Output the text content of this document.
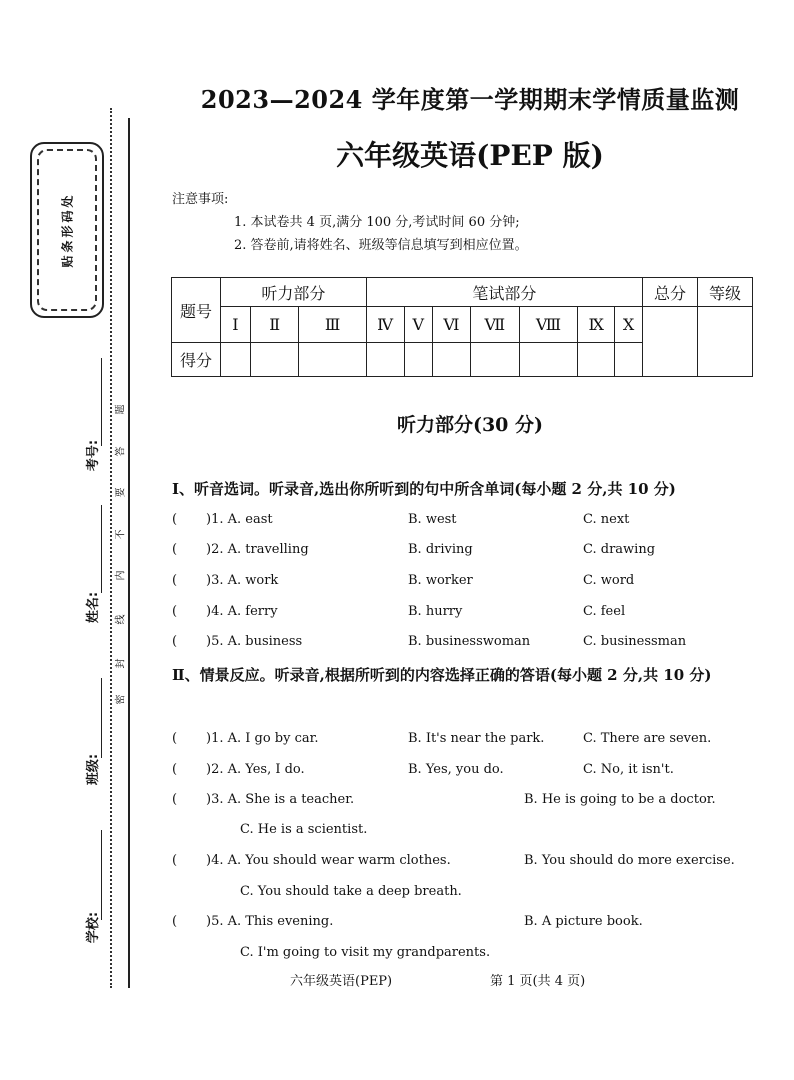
贴条形码处
考号:
姓名:
班级:
学校:
密
封
线
内
不
要
答
题
2023—2024 学年度第一学期期末学情质量监测
六年级英语(PEP 版)
注意事项:
1. 本试卷共 4 页,满分 100 分,考试时间 60 分钟;
2. 答卷前,请将姓名、班级等信息填写到相应位置。
题号	听力部分			笔试部分							总分	等级
	Ⅰ	Ⅱ	Ⅲ	Ⅳ	Ⅴ	Ⅵ	Ⅶ	Ⅷ	Ⅸ	Ⅹ		
得分												
听力部分(30 分)
Ⅰ、听音选词。听录音,选出你所听到的句中所含单词(每小题 2 分,共 10 分)
( )1. A. east	B. west	C. next
( )2. A. travelling	B. driving	C. drawing
( )3. A. work	B. worker	C. word
( )4. A. ferry	B. hurry	C. feel
( )5. A. business	B. businesswoman	C. businessman
Ⅱ、情景反应。听录音,根据所听到的内容选择正确的答语(每小题 2 分,共 10 分)
( )1. A. I go by car.	B. It's near the park.	C. There are seven.
( )2. A. Yes, I do.	B. Yes, you do.	C. No, it isn't.
( )3. A. She is a teacher.	B. He is going to be a doctor.
C. He is a scientist.
( )4. A. You should wear warm clothes.	B. You should do more exercise.
C. You should take a deep breath.
( )5. A. This evening.	B. A picture book.
C. I'm going to visit my grandparents.
六年级英语(PEP)	第 1 页(共 4 页)
